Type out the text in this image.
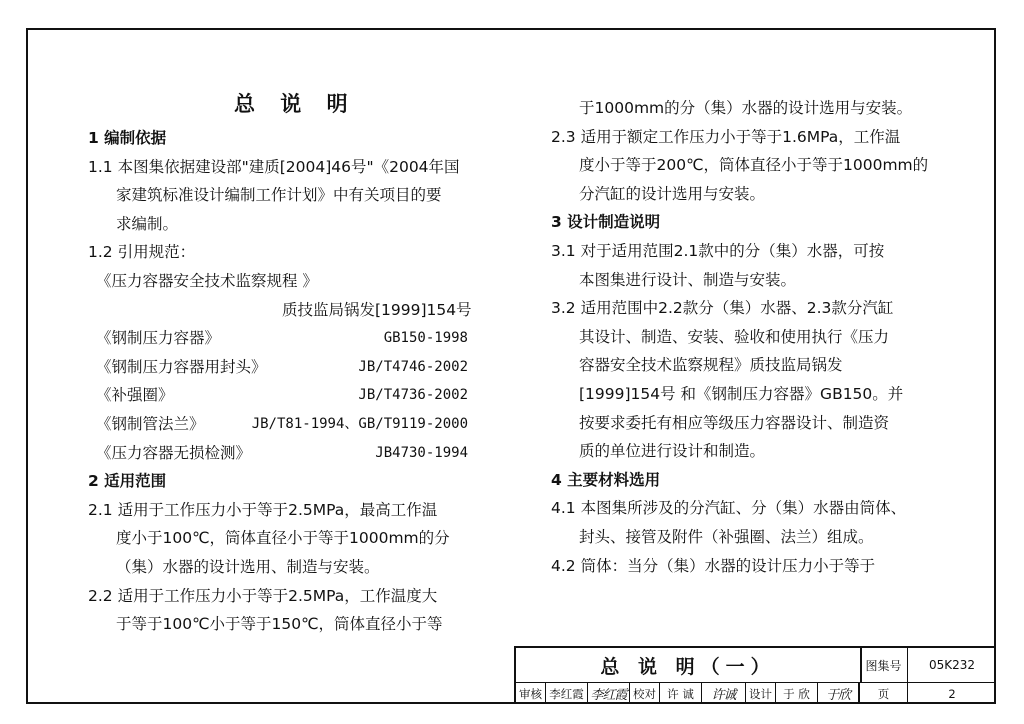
总 说 明
1 编制依据
1.1 本图集依据建设部"建质[2004]46号"《2004年国
家建筑标准设计编制工作计划》中有关项目的要
求编制。
1.2 引用规范：
《压力容器安全技术监察规程 》
质技监局锅发[1999]154号
《钢制压力容器》	GB150-1998
《钢制压力容器用封头》	JB/T4746-2002
《补强圈》	JB/T4736-2002
《钢制管法兰》	JB/T81-1994、GB/T9119-2000
《压力容器无损检测》	JB4730-1994
2 适用范围
2.1 适用于工作压力小于等于2.5MPa，最高工作温
度小于100℃，筒体直径小于等于1000mm的分
（集）水器的设计选用、制造与安装。
2.2 适用于工作压力小于等于2.5MPa，工作温度大
于等于100℃小于等于150℃，筒体直径小于等
于1000mm的分（集）水器的设计选用与安装。
2.3 适用于额定工作压力小于等于1.6MPa，工作温
度小于等于200℃，筒体直径小于等于1000mm的
分汽缸的设计选用与安装。
3 设计制造说明
3.1 对于适用范围2.1款中的分（集）水器，可按
本图集进行设计、制造与安装。
3.2 适用范围中2.2款分（集）水器、2.3款分汽缸
其设计、制造、安装、验收和使用执行《压力
容器安全技术监察规程》质技监局锅发
[1999]154号 和《钢制压力容器》GB150。并
按要求委托有相应等级压力容器设计、制造资
质的单位进行设计和制造。
4 主要材料选用
4.1 本图集所涉及的分汽缸、分（集）水器由筒体、
封头、接管及附件（补强圈、法兰）组成。
4.2 筒体：当分（集）水器的设计压力小于等于
总 说 明（一）	图集号	05K232
审核 李红霞 李红霞 校对 许 诚	许诚	设计 于 欣	于欣	页	2
